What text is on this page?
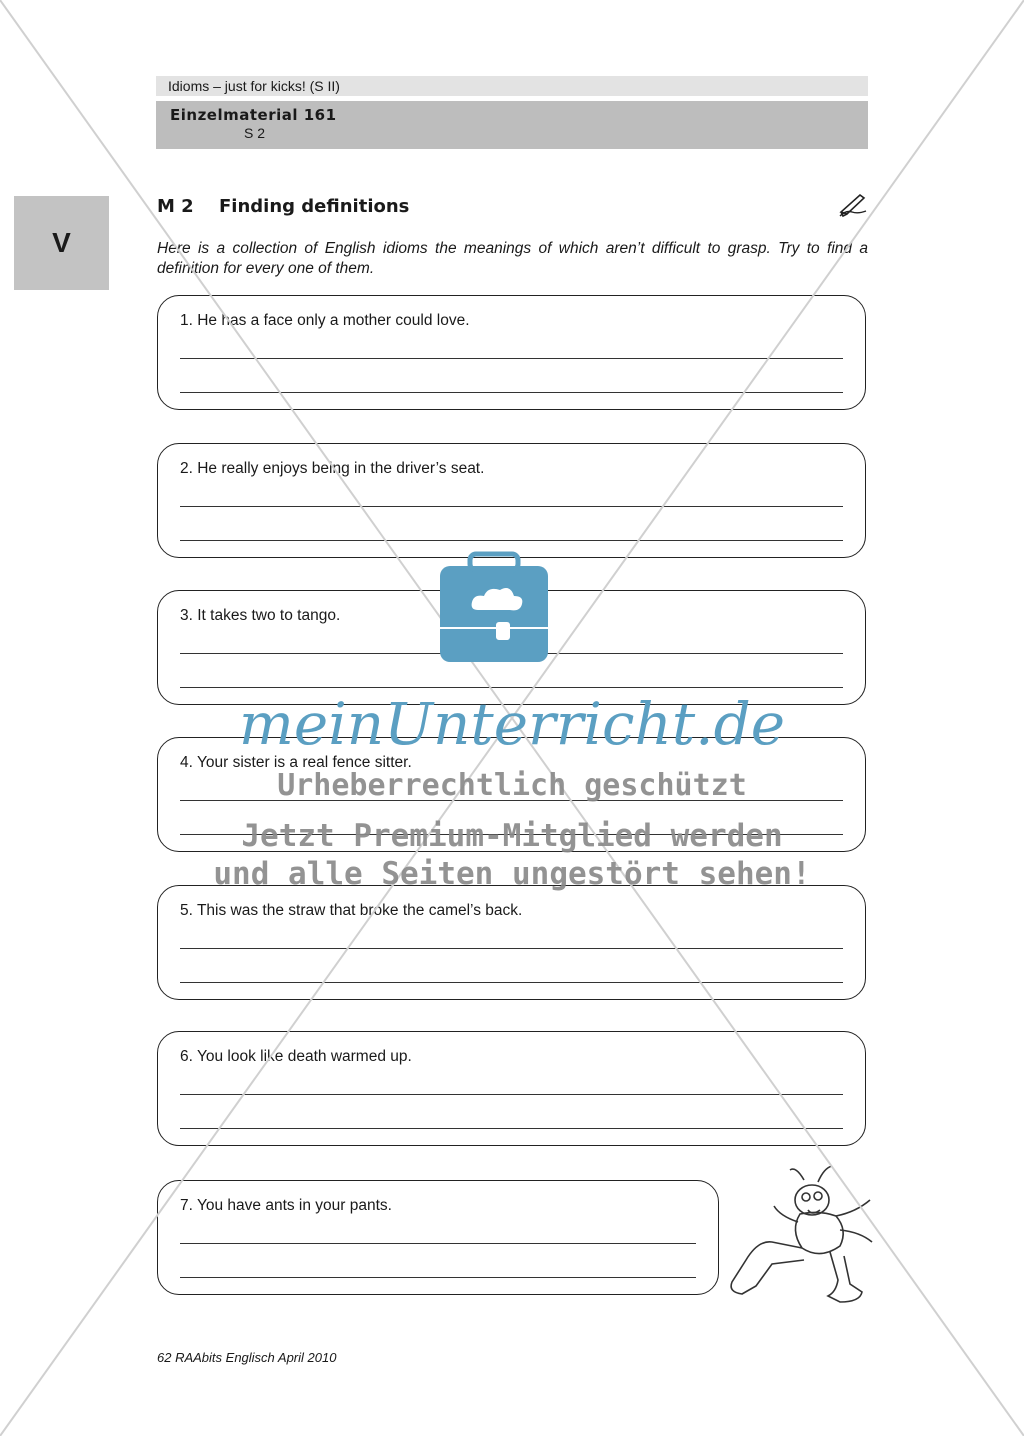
Idioms – just for kicks! (S II)
Einzelmaterial 161
S 2
V
M 2 Finding definitions
Here is a collection of English idioms the meanings of which aren’t difficult to grasp. Try to find a definition for every one of them.
1. He has a face only a mother could love.
2. He really enjoys being in the driver’s seat.
3. It takes two to tango.
4. Your sister is a real fence sitter.
5. This was the straw that broke the camel’s back.
6. You look like death warmed up.
7. You have ants in your pants.
meinUnterricht.de
Urheberrechtlich geschützt
Jetzt Premium-Mitglied werden
und alle Seiten ungestört sehen!
62 RAAbits Englisch April 2010
